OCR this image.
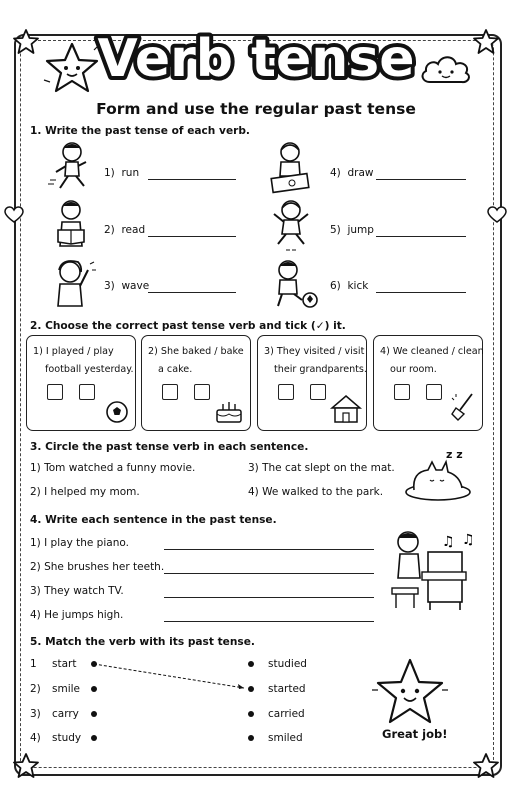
Verb tense
Form and use the regular past tense
1. Write the past tense of each verb.
1) run
2) read
3) wave
4) draw
5) jump
6) kick
2. Choose the correct past tense verb and tick (✓) it.
1) I played / play
football yesterday.
2) She baked / bake
a cake.
3) They visited / visit
their grandparents.
4) We cleaned / clean
our room.
3. Circle the past tense verb in each sentence.
1) Tom watched a funny movie.
2) I helped my mom.
3) The cat slept on the mat.
4) We walked to the park.
z z
4. Write each sentence in the past tense.
1) I play the piano.
2) She brushes her teeth.
3) They watch TV.
4) He jumps high.
♫ ♫
5. Match the verb with its past tense.
1 start
2) smile
3) carry
4) study
studied
started
carried
smiled	Great job!
